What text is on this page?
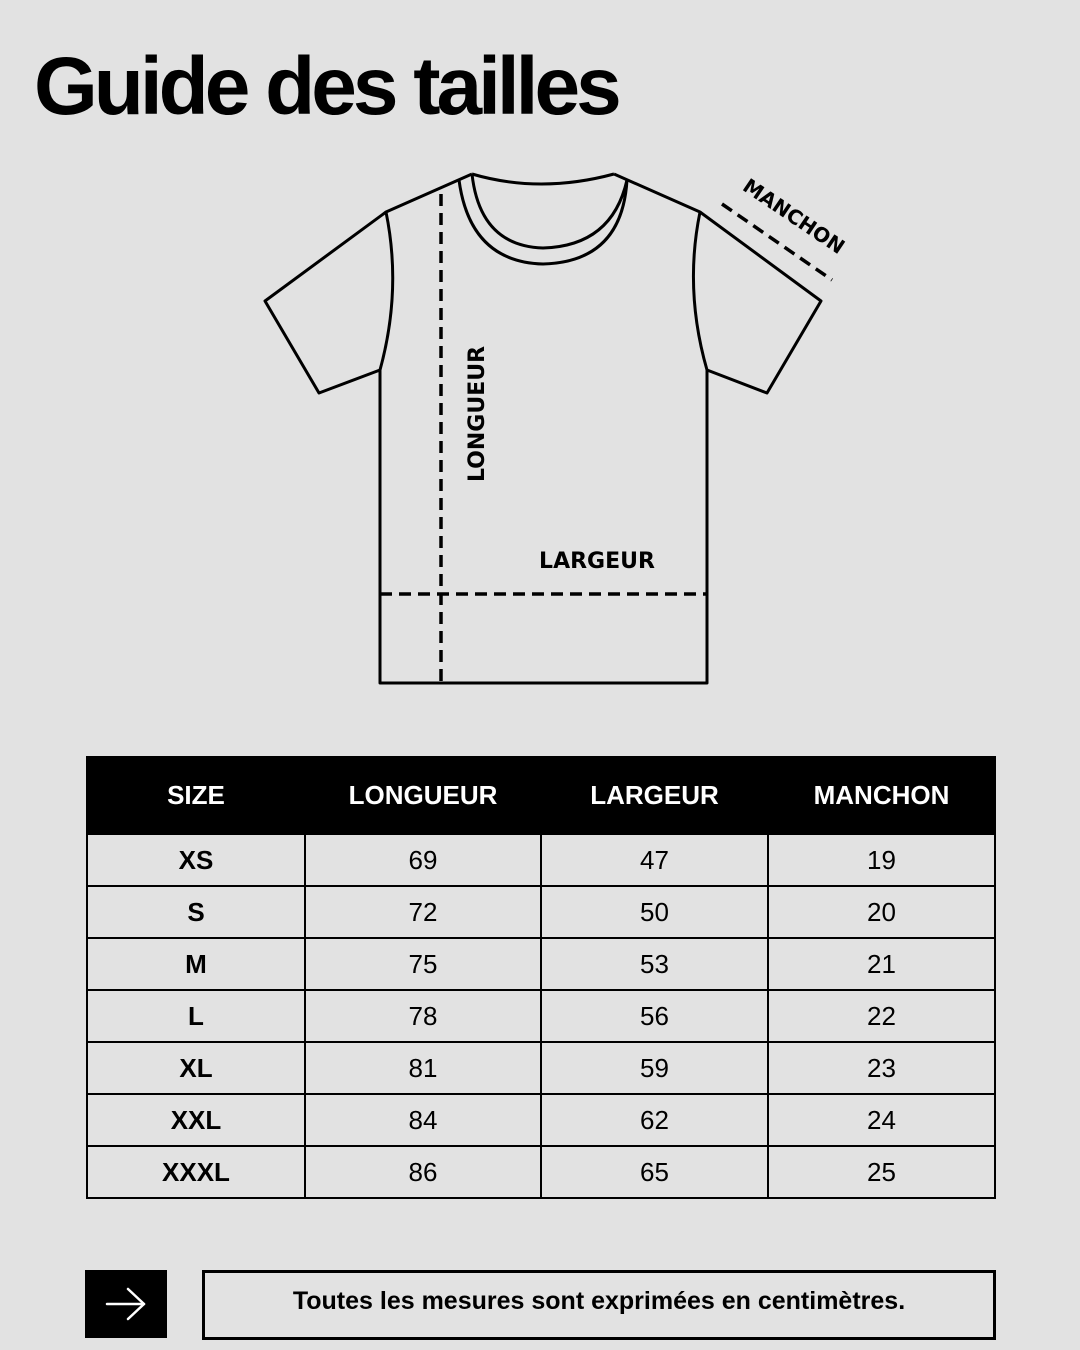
Guide des tailles
LONGUEUR
LARGEUR
MANCHON
SIZE	LONGUEUR	LARGEUR	MANCHON
XS	69	47	19
S	72	50	20
M	75	53	21
L	78	56	22
XL	81	59	23
XXL	84	62	24
XXXL	86	65	25
Toutes les mesures sont exprimées en centimètres.
